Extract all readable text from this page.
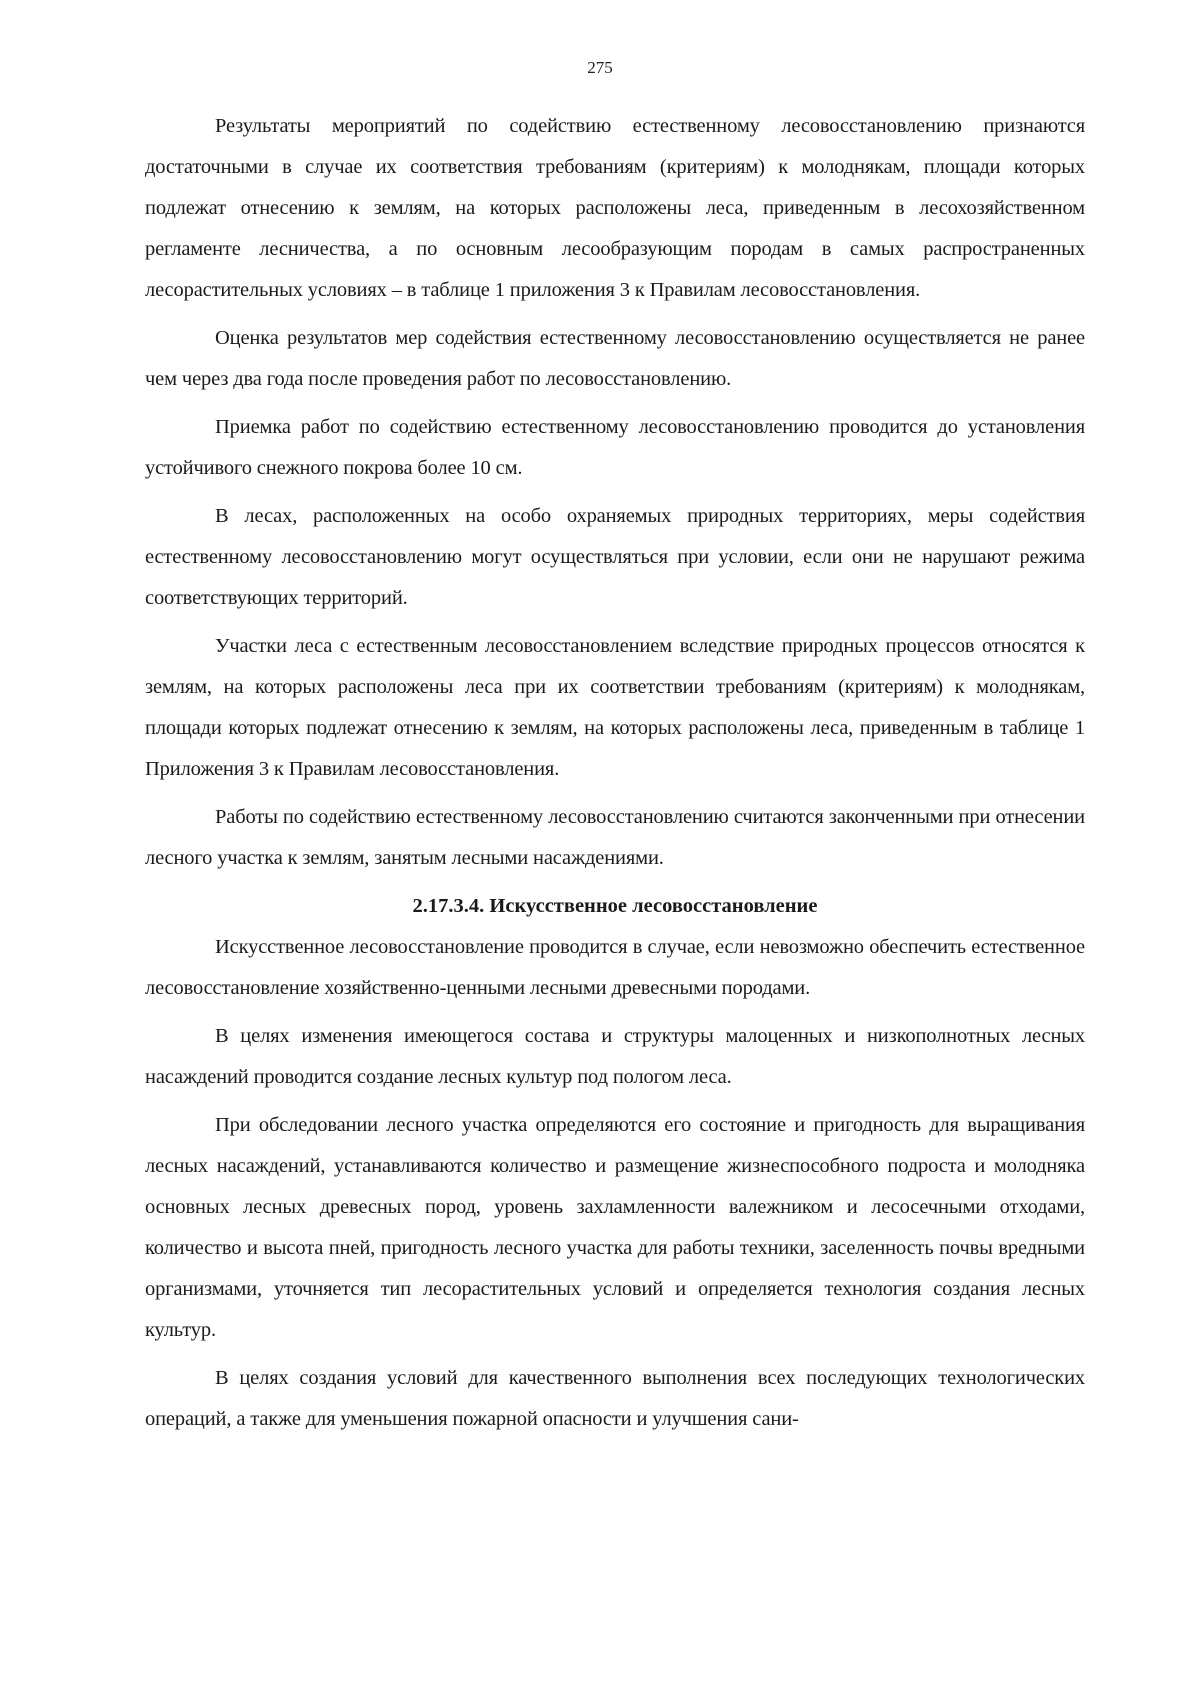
275

Результаты мероприятий по содействию естественному лесовосстановлению признаются достаточными в случае их соответствия требованиям (критериям) к молоднякам, площади которых подлежат отнесению к землям, на которых расположены леса, приведенным в лесохозяйственном регламенте лесничества, а по основным лесообразующим породам в самых распространенных лесорастительных условиях – в таблице 1 приложения 3 к Правилам лесовосстановления.

Оценка результатов мер содействия естественному лесовосстановлению осуществляется не ранее чем через два года после проведения работ по лесовосстановлению.

Приемка работ по содействию естественному лесовосстановлению проводится до установления устойчивого снежного покрова более 10 см.

В лесах, расположенных на особо охраняемых природных территориях, меры содействия естественному лесовосстановлению могут осуществляться при условии, если они не нарушают режима соответствующих территорий.

Участки леса с естественным лесовосстановлением вследствие природных процессов относятся к землям, на которых расположены леса при их соответствии требованиям (критериям) к молоднякам, площади которых подлежат отнесению к землям, на которых расположены леса, приведенным в таблице 1 Приложения 3 к Правилам лесовосстановления.

Работы по содействию естественному лесовосстановлению считаются законченными при отнесении лесного участка к землям, занятым лесными насаждениями.

2.17.3.4. Искусственное лесовосстановление

Искусственное лесовосстановление проводится в случае, если невозможно обеспечить естественное лесовосстановление хозяйственно-ценными лесными древесными породами.

В целях изменения имеющегося состава и структуры малоценных и низкополнотных лесных насаждений проводится создание лесных культур под пологом леса.

При обследовании лесного участка определяются его состояние и пригодность для выращивания лесных насаждений, устанавливаются количество и размещение жизнеспособного подроста и молодняка основных лесных древесных пород, уровень захламленности валежником и лесосечными отходами, количество и высота пней, пригодность лесного участка для работы техники, заселенность почвы вредными организмами, уточняется тип лесорастительных условий и определяется технология создания лесных культур.

В целях создания условий для качественного выполнения всех последующих технологических операций, а также для уменьшения пожарной опасности и улучшения сани-
